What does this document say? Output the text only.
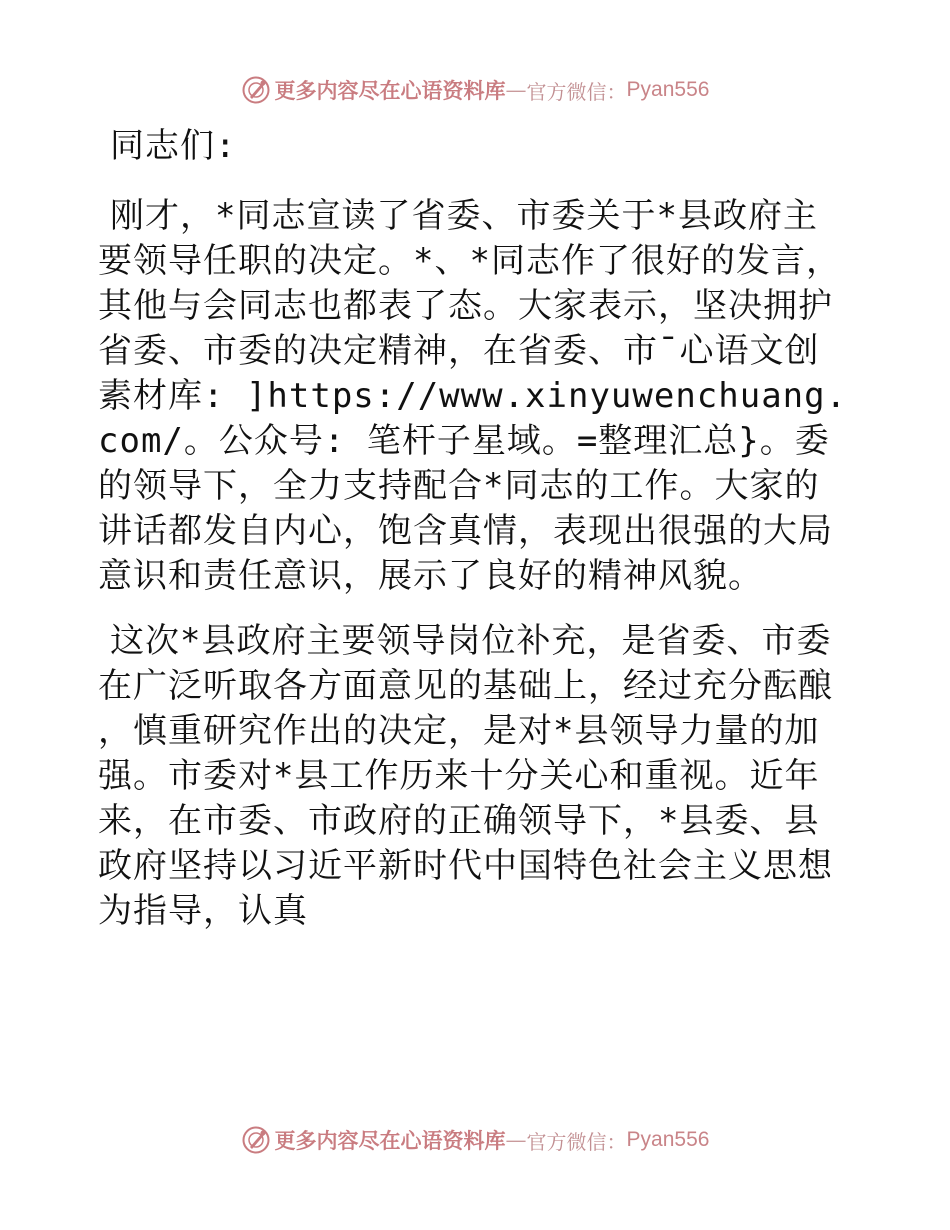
更多内容尽在心语资料库 — 官方微信： Pyan556

同志们:

刚才，*同志宣读了省委、市委关于*县政府主要领导任职的决定。*、*同志作了很好的发言，其他与会同志也都表了态。大家表示，坚决拥护省委、市委的决定精神，在省委、市¯心语文创素材库: ]https://www.xinyuwenchuang.com/。公众号: 笔杆子星域。=整理汇总}。委的领导下，全力支持配合*同志的工作。大家的讲话都发自内心，饱含真情，表现出很强的大局意识和责任意识，展示了良好的精神风貌。

这次*县政府主要领导岗位补充，是省委、市委在广泛听取各方面意见的基础上，经过充分酝酿，慎重研究作出的决定，是对*县领导力量的加强。市委对*县工作历来十分关心和重视。近年来，在市委、市政府的正确领导下，*县委、县政府坚持以习近平新时代中国特色社会主义思想为指导，认真

更多内容尽在心语资料库 — 官方微信： Pyan556
